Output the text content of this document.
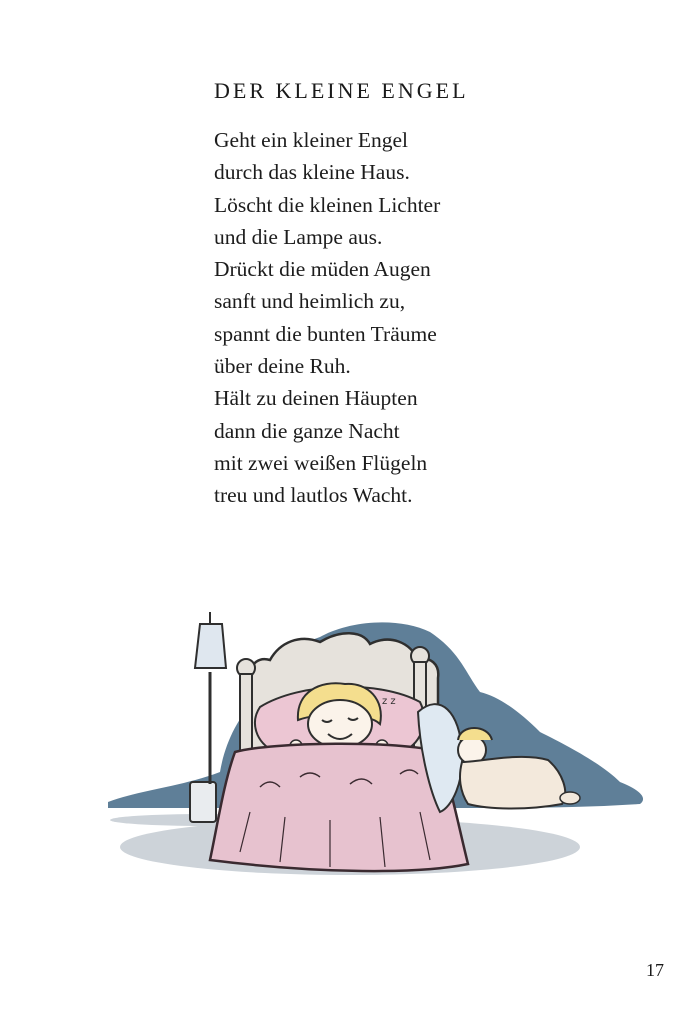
DER KLEINE ENGEL
Geht ein kleiner Engel
durch das kleine Haus.
Löscht die kleinen Lichter
und die Lampe aus.
Drückt die müden Augen
sanft und heimlich zu,
spannt die bunten Träume
über deine Ruh.
Hält zu deinen Häupten
dann die ganze Nacht
mit zwei weißen Flügeln
treu und lautlos Wacht.
z z
17
